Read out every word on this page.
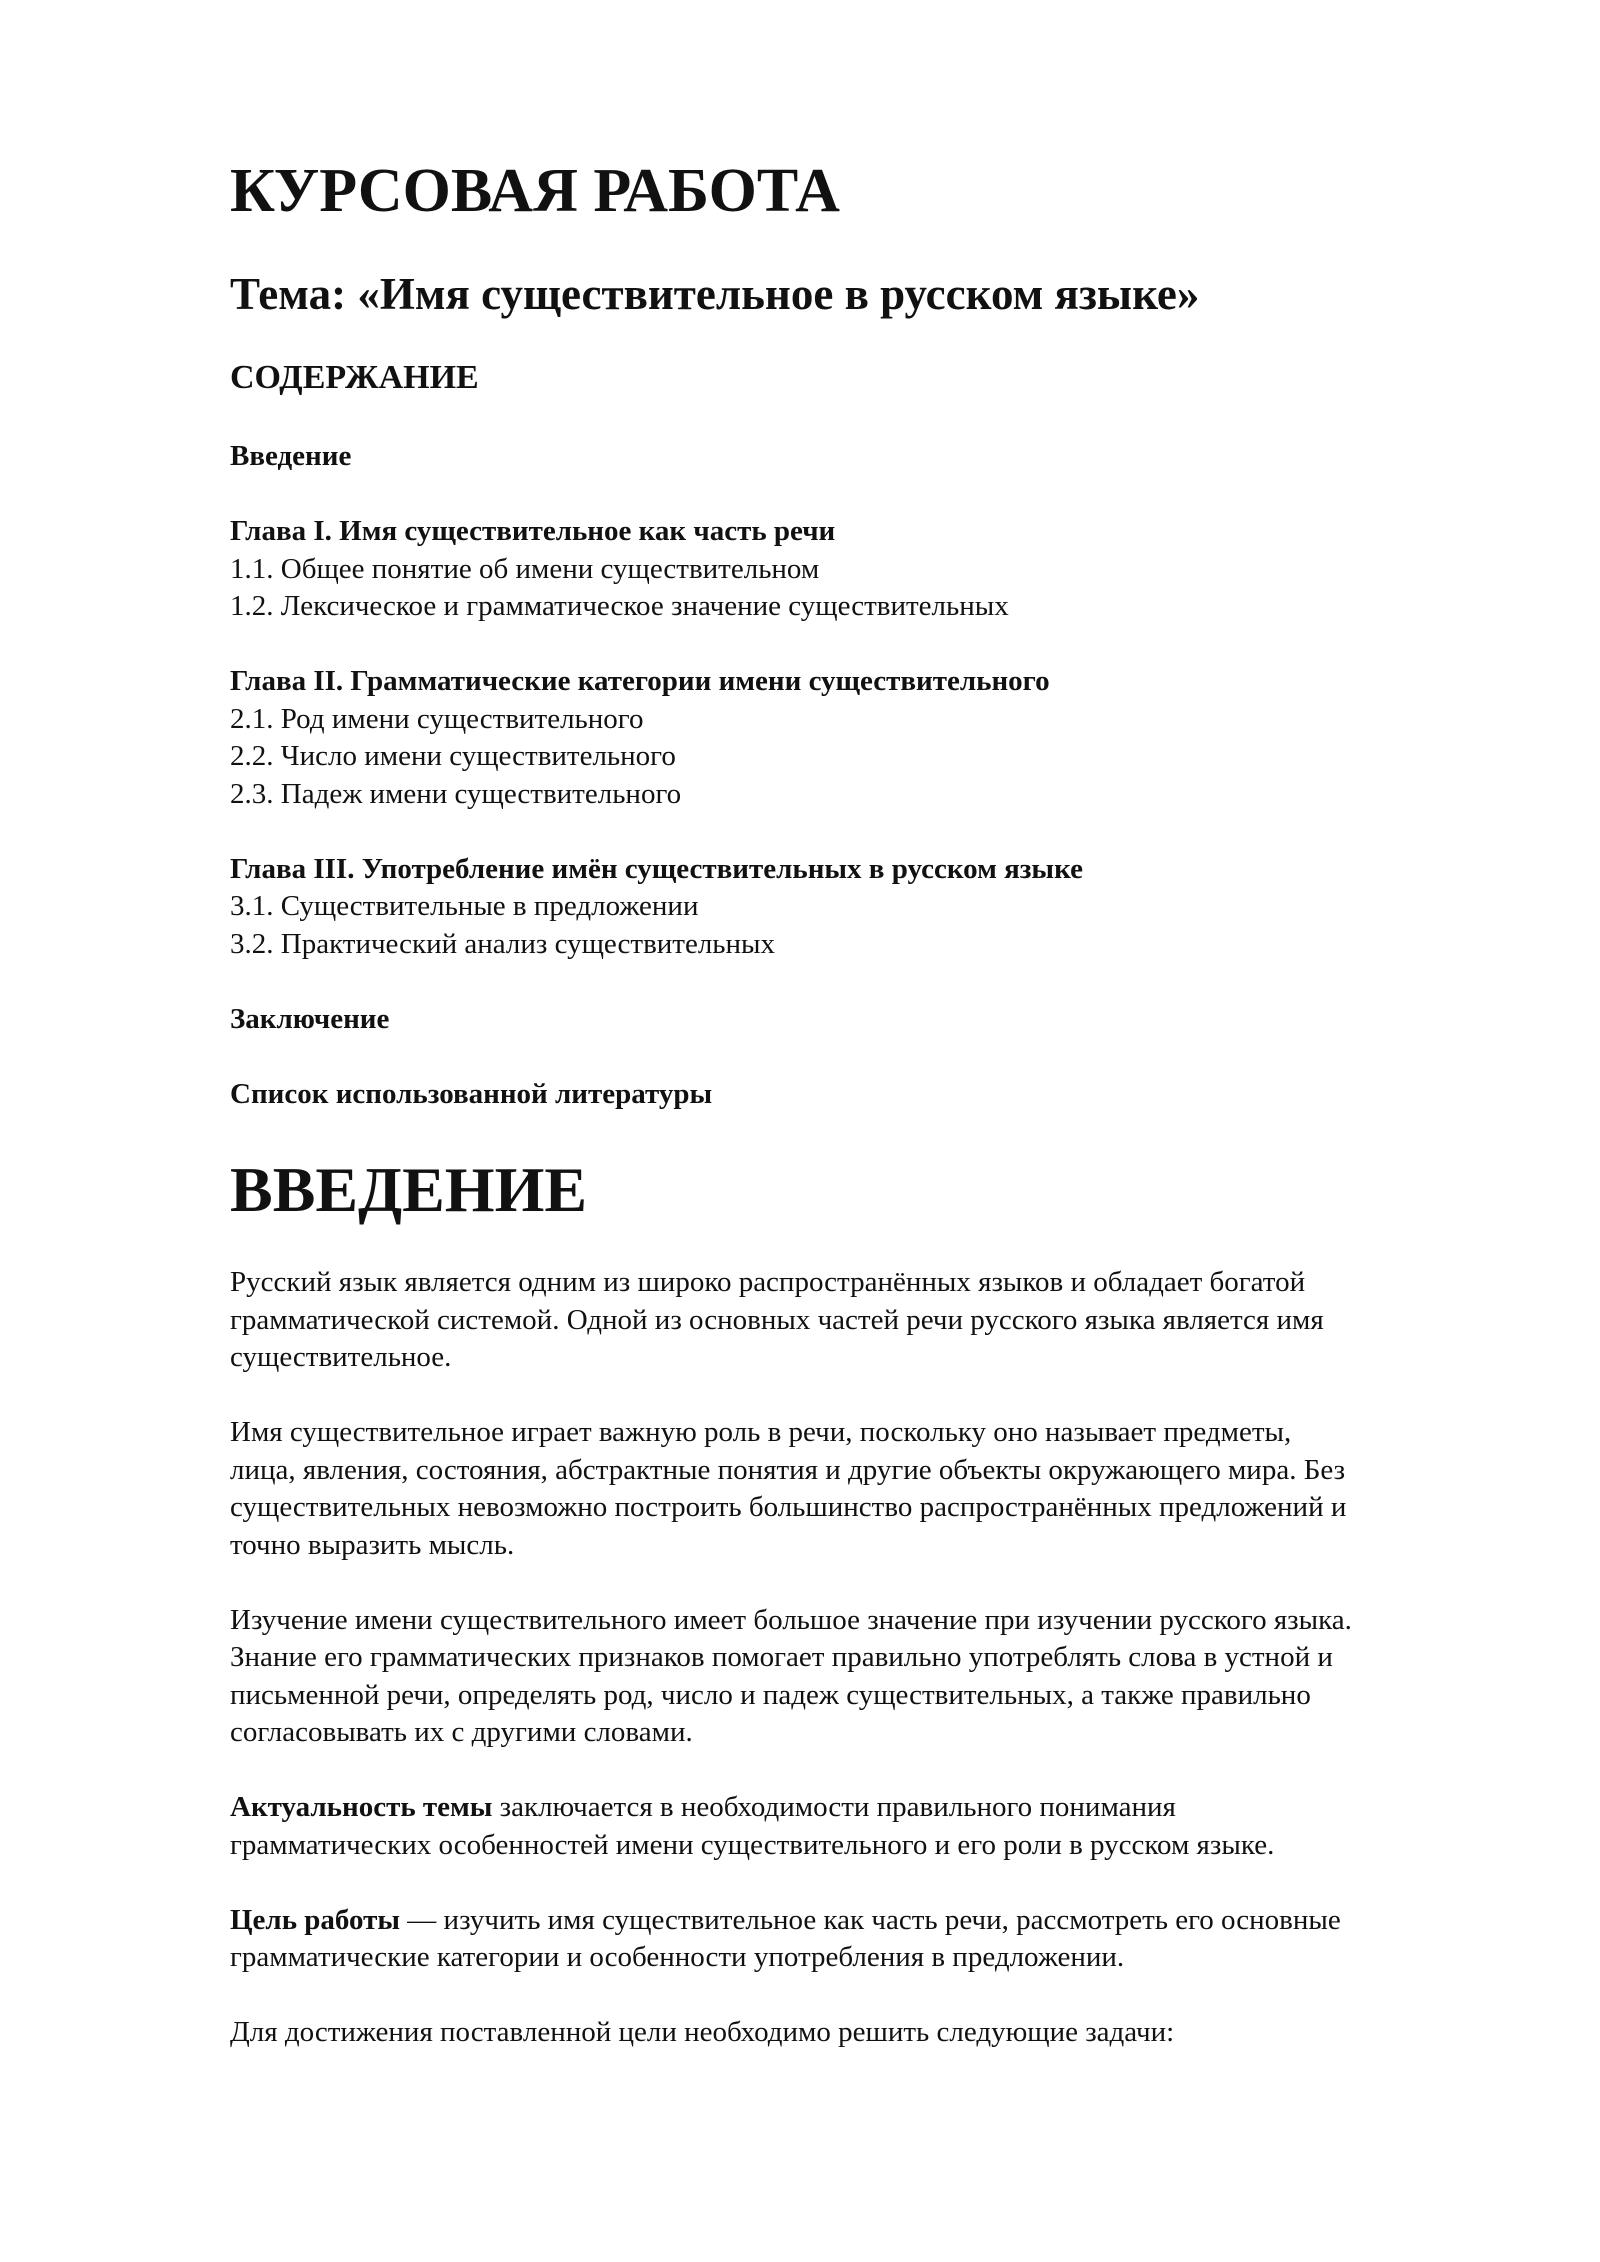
КУРСОВАЯ РАБОТА
Тема: «Имя существительное в русском языке»
СОДЕРЖАНИЕ
Введение
Глава I. Имя существительное как часть речи
1.1. Общее понятие об имени существительном
1.2. Лексическое и грамматическое значение существительных
Глава II. Грамматические категории имени существительного
2.1. Род имени существительного
2.2. Число имени существительного
2.3. Падеж имени существительного
Глава III. Употребление имён существительных в русском языке
3.1. Существительные в предложении
3.2. Практический анализ существительных
Заключение
Список использованной литературы
ВВЕДЕНИЕ

Русский язык является одним из широко распространённых языков и обладает богатой
грамматической системой. Одной из основных частей речи русского языка является имя
существительное.

Имя существительное играет важную роль в речи, поскольку оно называет предметы,
лица, явления, состояния, абстрактные понятия и другие объекты окружающего мира. Без
существительных невозможно построить большинство распространённых предложений и
точно выразить мысль.

Изучение имени существительного имеет большое значение при изучении русского языка.
Знание его грамматических признаков помогает правильно употреблять слова в устной и
письменной речи, определять род, число и падеж существительных, а также правильно
согласовывать их с другими словами.

Актуальность темы заключается в необходимости правильного понимания
грамматических особенностей имени существительного и его роли в русском языке.

Цель работы — изучить имя существительное как часть речи, рассмотреть его основные
грамматические категории и особенности употребления в предложении.

Для достижения поставленной цели необходимо решить следующие задачи:
